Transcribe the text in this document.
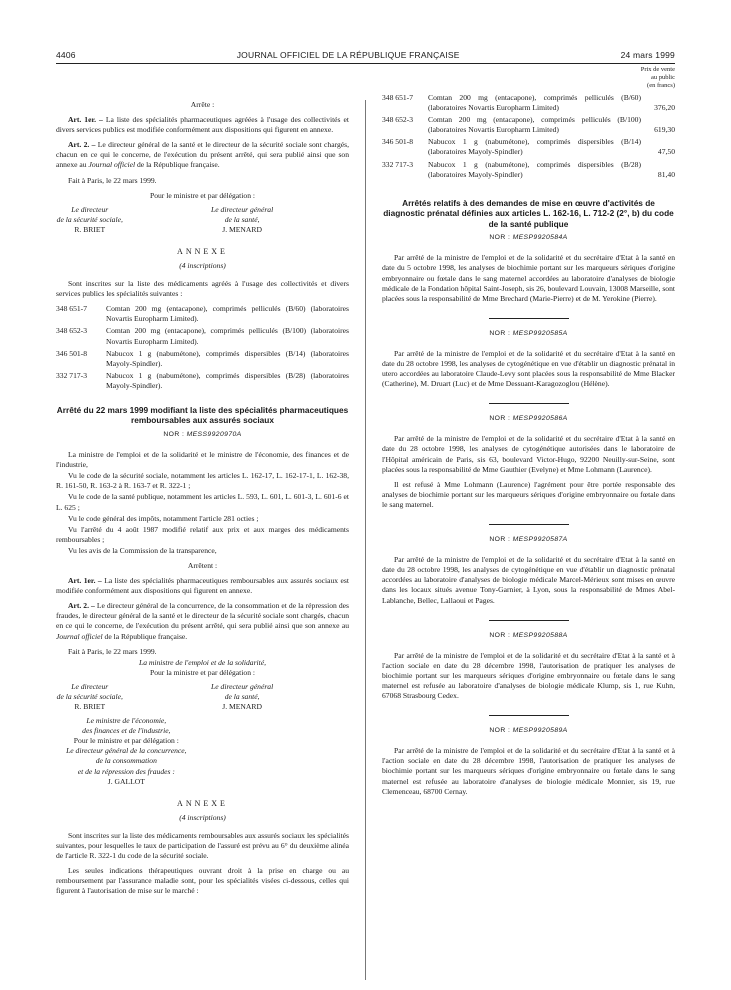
4406	JOURNAL OFFICIEL DE LA RÉPUBLIQUE FRANÇAISE	24 mars 1999

Arrête :

Art. 1er. – La liste des spécialités pharmaceutiques agréées à l'usage des collectivités et divers services publics est modifiée conformément aux dispositions qui figurent en annexe.

Art. 2. – Le directeur général de la santé et le directeur de la sécurité sociale sont chargés, chacun en ce qui le concerne, de l'exécution du présent arrêté, qui sera publié ainsi que son annexe au Journal officiel de la République française.

Fait à Paris, le 22 mars 1999.

Pour le ministre et par délégation :

Le directeur
de la sécurité sociale,
R. BRIET
Le directeur général
de la santé,
J. MENARD
ANNEXE
(4 inscriptions)

Sont inscrites sur la liste des médicaments agréés à l'usage des collectivités et divers services publics les spécialités suivantes :

348 651-7	Comtan 200 mg (entacapone), comprimés pelliculés (B/60) (laboratoires Novartis Europharm Limited).
348 652-3	Comtan 200 mg (entacapone), comprimés pelliculés (B/100) (laboratoires Novartis Europharm Limited).
346 501-8	Nabucox 1 g (nabumétone), comprimés dispersibles (B/14) (laboratoires Mayoly-Spindler).
332 717-3	Nabucox 1 g (nabumétone), comprimés dispersibles (B/28) (laboratoires Mayoly-Spindler).
Arrêté du 22 mars 1999 modifiant la liste des spécialités pharmaceutiques remboursables aux assurés sociaux
NOR : MESS9920970A

La ministre de l'emploi et de la solidarité et le ministre de l'économie, des finances et de l'industrie,

Vu le code de la sécurité sociale, notamment les articles L. 162-17, L. 162-17-1, L. 162-38, R. 161-50, R. 163-2 à R. 163-7 et R. 322-1 ;

Vu le code de la santé publique, notamment les articles L. 593, L. 601, L. 601-3, L. 601-6 et L. 625 ;

Vu le code général des impôts, notamment l'article 281 octies ;

Vu l'arrêté du 4 août 1987 modifié relatif aux prix et aux marges des médicaments remboursables ;

Vu les avis de la Commission de la transparence,

Arrêtent :

Art. 1er. – La liste des spécialités pharmaceutiques remboursables aux assurés sociaux est modifiée conformément aux dispositions qui figurent en annexe.

Art. 2. – Le directeur général de la concurrence, de la consommation et de la répression des fraudes, le directeur général de la santé et le directeur de la sécurité sociale sont chargés, chacun en ce qui le concerne, de l'exécution du présent arrêté, qui sera publié ainsi que son annexe au Journal officiel de la République française.

Fait à Paris, le 22 mars 1999.

La ministre de l'emploi et de la solidarité,

Pour la ministre et par délégation :

Le directeur
de la sécurité sociale,
R. BRIET
Le directeur général
de la santé,
J. MENARD
Le ministre de l'économie,
des finances et de l'industrie,
Pour le ministre et par délégation :
Le directeur général de la concurrence,
de la consommation
et de la répression des fraudes :
J. GALLOT
ANNEXE
(4 inscriptions)

Sont inscrites sur la liste des médicaments remboursables aux assurés sociaux les spécialités suivantes, pour lesquelles le taux de participation de l'assuré est prévu au 6° du deuxième alinéa de l'article R. 322-1 du code de la sécurité sociale.

Les seules indications thérapeutiques ouvrant droit à la prise en charge ou au remboursement par l'assurance maladie sont, pour les spécialités visées ci-dessous, celles qui figurent à l'autorisation de mise sur le marché :

Prix de vente
au public
(en francs)
348 651-7	Comtan 200 mg (entacapone), comprimés pelliculés (B/60) (laboratoires Novartis Europharm Limited)	376,20
348 652-3	Comtan 200 mg (entacapone), comprimés pelliculés (B/100) (laboratoires Novartis Europharm Limited)	619,30
346 501-8	Nabucox 1 g (nabumétone), comprimés dispersibles (B/14) (laboratoires Mayoly-Spindler)	47,50
332 717-3	Nabucox 1 g (nabumétone), comprimés dispersibles (B/28) (laboratoires Mayoly-Spindler)	81,40
Arrêtés relatifs à des demandes de mise en œuvre d'activités de diagnostic prénatal définies aux articles L. 162-16, L. 712-2 (2°, b) du code de la santé publique
NOR : MESP9920584A

Par arrêté de la ministre de l'emploi et de la solidarité et du secrétaire d'Etat à la santé en date du 5 octobre 1998, les analyses de biochimie portant sur les marqueurs sériques d'origine embryonnaire ou fœtale dans le sang maternel accordées au laboratoire d'analyses de biologie médicale de la Fondation hôpital Saint-Joseph, sis 26, boulevard Louvain, 13008 Marseille, sont placées sous la responsabilité de Mme Brechard (Marie-Pierre) et de M. Yerokine (Pierre).

NOR : MESP9920585A

Par arrêté de la ministre de l'emploi et de la solidarité et du secrétaire d'Etat à la santé en date du 28 octobre 1998, les analyses de cytogénétique en vue d'établir un diagnostic prénatal in utero accordées au laboratoire Claude-Levy sont placées sous la responsabilité de Mme Blacker (Catherine), M. Druart (Luc) et de Mme Dessuant-Karagozoglou (Hélène).

NOR : MESP9920586A

Par arrêté de la ministre de l'emploi et de la solidarité et du secrétaire d'Etat à la santé en date du 28 octobre 1998, les analyses de cytogénétique autorisées dans le laboratoire de l'Hôpital américain de Paris, sis 63, boulevard Victor-Hugo, 92200 Neuilly-sur-Seine, sont placées sous la responsabilité de Mme Gauthier (Evelyne) et Mme Lohmann (Laurence).

Il est refusé à Mme Lohmann (Laurence) l'agrément pour être portée responsable des analyses de biochimie portant sur les marqueurs sériques d'origine embryonnaire ou fœtale dans le sang maternel.

NOR : MESP9920587A

Par arrêté de la ministre de l'emploi et de la solidarité et du secrétaire d'Etat à la santé en date du 28 octobre 1998, les analyses de cytogénétique en vue d'établir un diagnostic prénatal accordées au laboratoire d'analyses de biologie médicale Marcel-Mérieux sont mises en œuvre dans les locaux situés avenue Tony-Garnier, à Lyon, sous la responsabilité de Mmes Abel-Lablanche, Bellec, Lallaoui et Pages.

NOR : MESP9920588A

Par arrêté de la ministre de l'emploi et de la solidarité et du secrétaire d'Etat à la santé et à l'action sociale en date du 28 décembre 1998, l'autorisation de pratiquer les analyses de biochimie portant sur les marqueurs sériques d'origine embryonnaire ou fœtale dans le sang maternel est refusée au laboratoire d'analyses de biologie médicale Klump, sis 1, rue Kuhn, 67068 Strasbourg Cedex.

NOR : MESP9920589A

Par arrêté de la ministre de l'emploi et de la solidarité et du secrétaire d'Etat à la santé et à l'action sociale en date du 28 décembre 1998, l'autorisation de pratiquer les analyses de biochimie portant sur les marqueurs sériques d'origine embryonnaire ou fœtale dans le sang maternel est refusée au laboratoire d'analyses de biologie médicale Monnier, sis 19, rue Clemenceau, 68700 Cernay.
